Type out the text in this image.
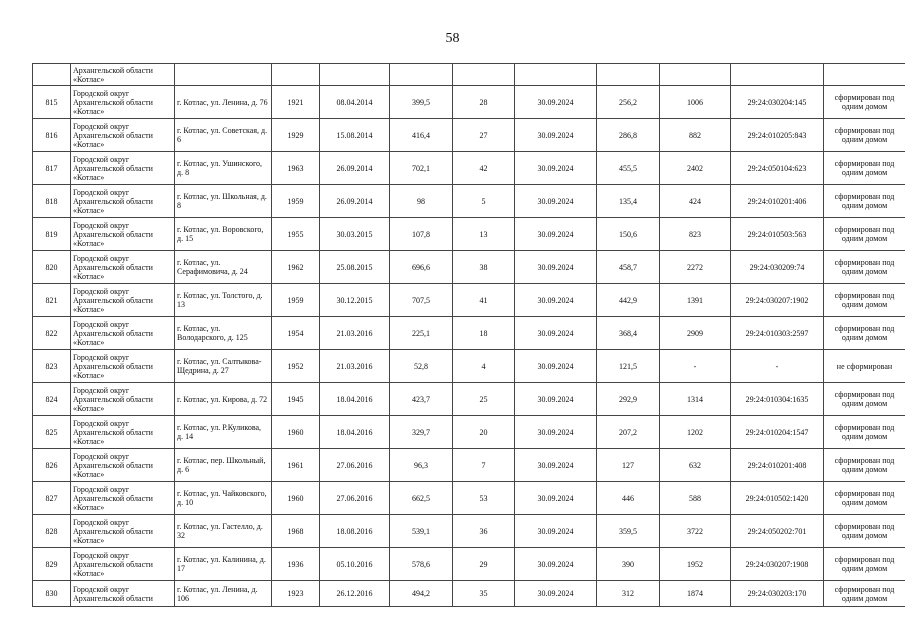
58
	Архангельской области «Котлас»										
815	Городской округ Архангельской области «Котлас»	г. Котлас, ул. Ленина, д. 76	1921	08.04.2014	399,5	28	30.09.2024	256,2	1006	29:24:030204:145	сформирован под одним домом
816	Городской округ Архангельской области «Котлас»	г. Котлас, ул. Советская, д. 6	1929	15.08.2014	416,4	27	30.09.2024	286,8	882	29:24:010205:843	сформирован под одним домом
817	Городской округ Архангельской области «Котлас»	г. Котлас, ул. Ушинского, д. 8	1963	26.09.2014	702,1	42	30.09.2024	455,5	2402	29:24:050104:623	сформирован под одним домом
818	Городской округ Архангельской области «Котлас»	г. Котлас, ул. Школьная, д. 8	1959	26.09.2014	98	5	30.09.2024	135,4	424	29:24:010201:406	сформирован под одним домом
819	Городской округ Архангельской области «Котлас»	г. Котлас, ул. Воровского, д. 15	1955	30.03.2015	107,8	13	30.09.2024	150,6	823	29:24:010503:563	сформирован под одним домом
820	Городской округ Архангельской области «Котлас»	г. Котлас, ул. Серафимовича, д. 24	1962	25.08.2015	696,6	38	30.09.2024	458,7	2272	29:24:030209:74	сформирован под одним домом
821	Городской округ Архангельской области «Котлас»	г. Котлас, ул. Толстого, д. 13	1959	30.12.2015	707,5	41	30.09.2024	442,9	1391	29:24:030207:1902	сформирован под одним домом
822	Городской округ Архангельской области «Котлас»	г. Котлас, ул. Володарского, д. 125	1954	21.03.2016	225,1	18	30.09.2024	368,4	2909	29:24:010303:2597	сформирован под одним домом
823	Городской округ Архангельской области «Котлас»	г. Котлас, ул. Салтыкова-Щедрина, д. 27	1952	21.03.2016	52,8	4	30.09.2024	121,5	-	-	не сформирован
824	Городской округ Архангельской области «Котлас»	г. Котлас, ул. Кирова, д. 72	1945	18.04.2016	423,7	25	30.09.2024	292,9	1314	29:24:010304:1635	сформирован под одним домом
825	Городской округ Архангельской области «Котлас»	г. Котлас, ул. Р.Куликова, д. 14	1960	18.04.2016	329,7	20	30.09.2024	207,2	1202	29:24:010204:1547	сформирован под одним домом
826	Городской округ Архангельской области «Котлас»	г. Котлас, пер. Школьный, д. 6	1961	27.06.2016	96,3	7	30.09.2024	127	632	29:24:010201:408	сформирован под одним домом
827	Городской округ Архангельской области «Котлас»	г. Котлас, ул. Чайковского, д. 10	1960	27.06.2016	662,5	53	30.09.2024	446	588	29:24:010502:1420	сформирован под одним домом
828	Городской округ Архангельской области «Котлас»	г. Котлас, ул. Гастелло, д. 32	1968	18.08.2016	539,1	36	30.09.2024	359,5	3722	29:24:050202:701	сформирован под одним домом
829	Городской округ Архангельской области «Котлас»	г. Котлас, ул. Калинина, д. 17	1936	05.10.2016	578,6	29	30.09.2024	390	1952	29:24:030207:1908	сформирован под одним домом
830	Городской округ Архангельской области	г. Котлас, ул. Ленина, д. 106	1923	26.12.2016	494,2	35	30.09.2024	312	1874	29:24:030203:170	сформирован под одним домом
